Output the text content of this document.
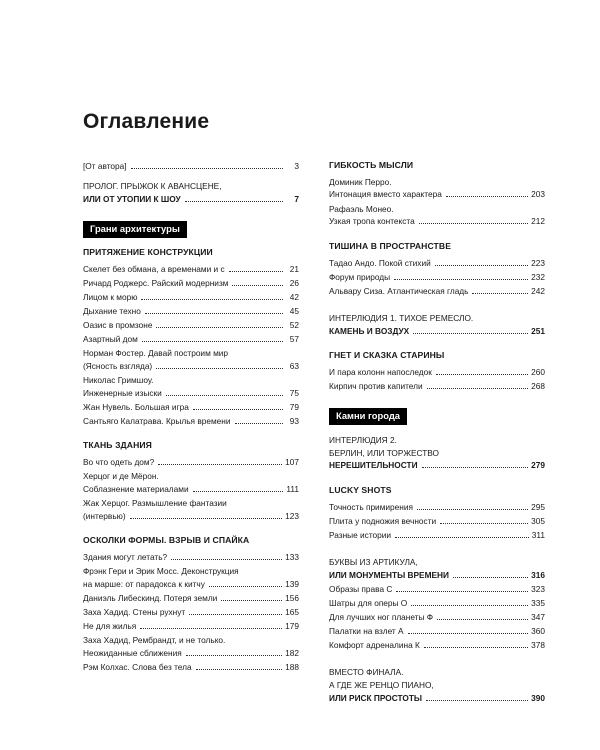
Оглавление
[От автора]	3
ПРОЛОГ. ПРЫЖОК К АВАНСЦЕНЕ,
ИЛИ ОТ УТОПИИ К ШОУ	7
Грани архитектуры
ПРИТЯЖЕНИЕ КОНСТРУКЦИИ
Скелет без обмана, а временами и с	21
Ричард Роджерс. Райский модернизм	26
Лицом к морю	42
Дыхание техно	45
Оазис в промзоне	52
Азартный дом	57
Норман Фостер. Давай построим мир
(Ясность взгляда)	63
Николас Гримшоу.
Инженерные изыски	75
Жан Нувель. Большая игра	79
Сантьяго Калатрава. Крылья времени	93
ТКАНЬ ЗДАНИЯ
Во что одеть дом?	107
Херцог и де Мёрон.
Соблазнение материалами	111
Жак Херцог. Размышление фантазии
(интервью)	123
ОСКОЛКИ ФОРМЫ. ВЗРЫВ И СПАЙКА
Здания могут летать?	133
Фрэнк Гери и Эрик Мосс. Деконструкция
на марше: от парадокса к китчу	139
Даниэль Либескинд. Потеря земли	156
Заха Хадид. Стены рухнут	165
Не для жилья	179
Заха Хадид, Рембрандт, и не только.
Неожиданные сближения	182
Рэм Колхас. Слова без тела	188
ГИБКОСТЬ МЫСЛИ
Доминик Перро.
Интонация вместо характера	203
Рафаэль Монео.
Узкая тропа контекста	212
ТИШИНА В ПРОСТРАНСТВЕ
Тадао Андо. Покой стихий	223
Форум природы	232
Альвару Сиза. Атлантическая гладь	242
ИНТЕРЛЮДИЯ 1. ТИХОЕ РЕМЕСЛО.
КАМЕНЬ И ВОЗДУХ	251
ГНЕТ И СКАЗКА СТАРИНЫ
И пара колонн напоследок	260
Кирпич против капители	268
Камни города
ИНТЕРЛЮДИЯ 2.
БЕРЛИН, ИЛИ ТОРЖЕСТВО
НЕРЕШИТЕЛЬНОСТИ	279
LUCKY SHOTS
Точность примирения	295
Плита у подножия вечности	305
Разные истории	311
БУКВЫ ИЗ АРТИКУЛА,
ИЛИ МОНУМЕНТЫ ВРЕМЕНИ	316
Образы права С	323
Шатры для оперы О	335
Для лучших ног планеты Ф	347
Палатки на взлет А	360
Комфорт адреналина К	378
ВМЕСТО ФИНАЛА.
А ГДЕ ЖЕ РЕНЦО ПИАНО,
ИЛИ РИСК ПРОСТОТЫ	390
